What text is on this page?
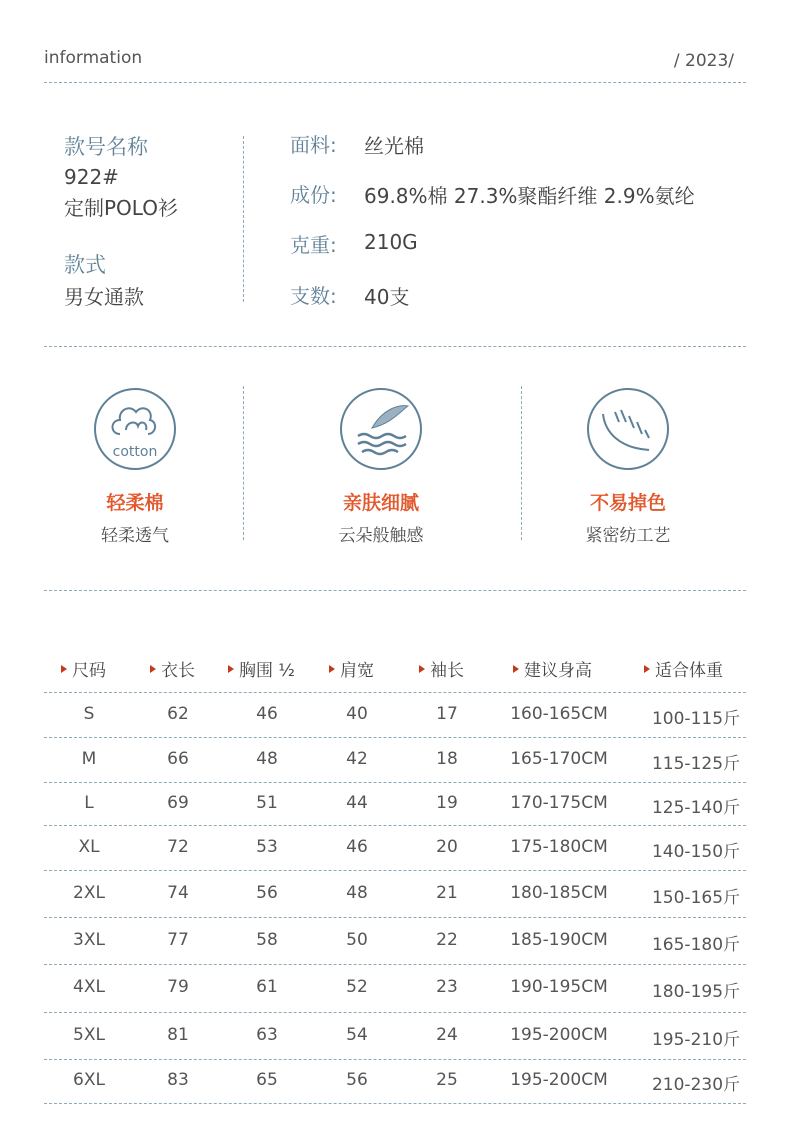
information	/ 2023/
款号名称
922#
定制POLO衫
款式
男女通款
面料: 丝光棉
成份: 69.8%棉 27.3%聚酯纤维 2.9%氨纶
克重: 210G
支数: 40支
cotton
轻柔棉
轻柔透气
亲肤细腻
云朵般触感
不易掉色
紧密纺工艺
尺码	衣长	胸围 ½	肩宽	袖长	建议身高	适合体重
S	62	46	40	17	160-165CM	100-115斤
M	66	48	42	18	165-170CM	115-125斤
L	69	51	44	19	170-175CM	125-140斤
XL	72	53	46	20	175-180CM	140-150斤
2XL	74	56	48	21	180-185CM	150-165斤
3XL	77	58	50	22	185-190CM	165-180斤
4XL	79	61	52	23	190-195CM	180-195斤
5XL	81	63	54	24	195-200CM	195-210斤
6XL	83	65	56	25	195-200CM	210-230斤
